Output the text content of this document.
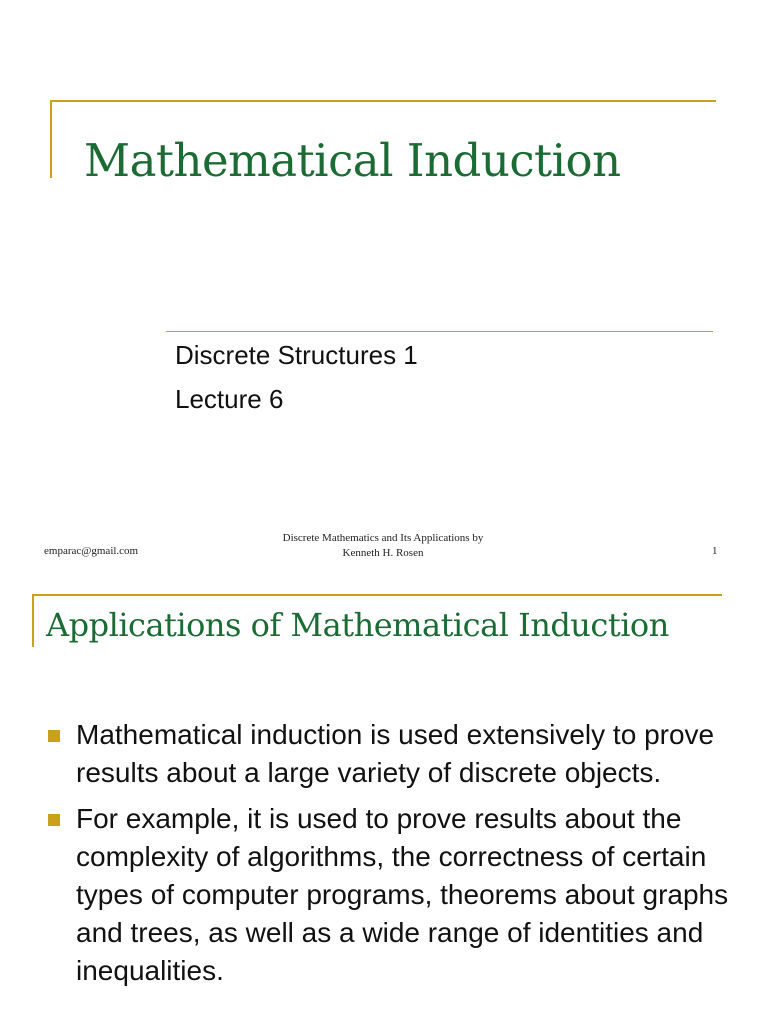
Mathematical Induction
Discrete Structures 1
Lecture 6
emparac@gmail.com
Discrete Mathematics and Its Applications by
Kenneth H. Rosen	1
Applications of Mathematical Induction
Mathematical induction is used extensively to prove results about a large variety of discrete objects.
For example, it is used to prove results about the complexity of algorithms, the correctness of certain types of computer programs, theorems about graphs and trees, as well as a wide range of identities and inequalities.
